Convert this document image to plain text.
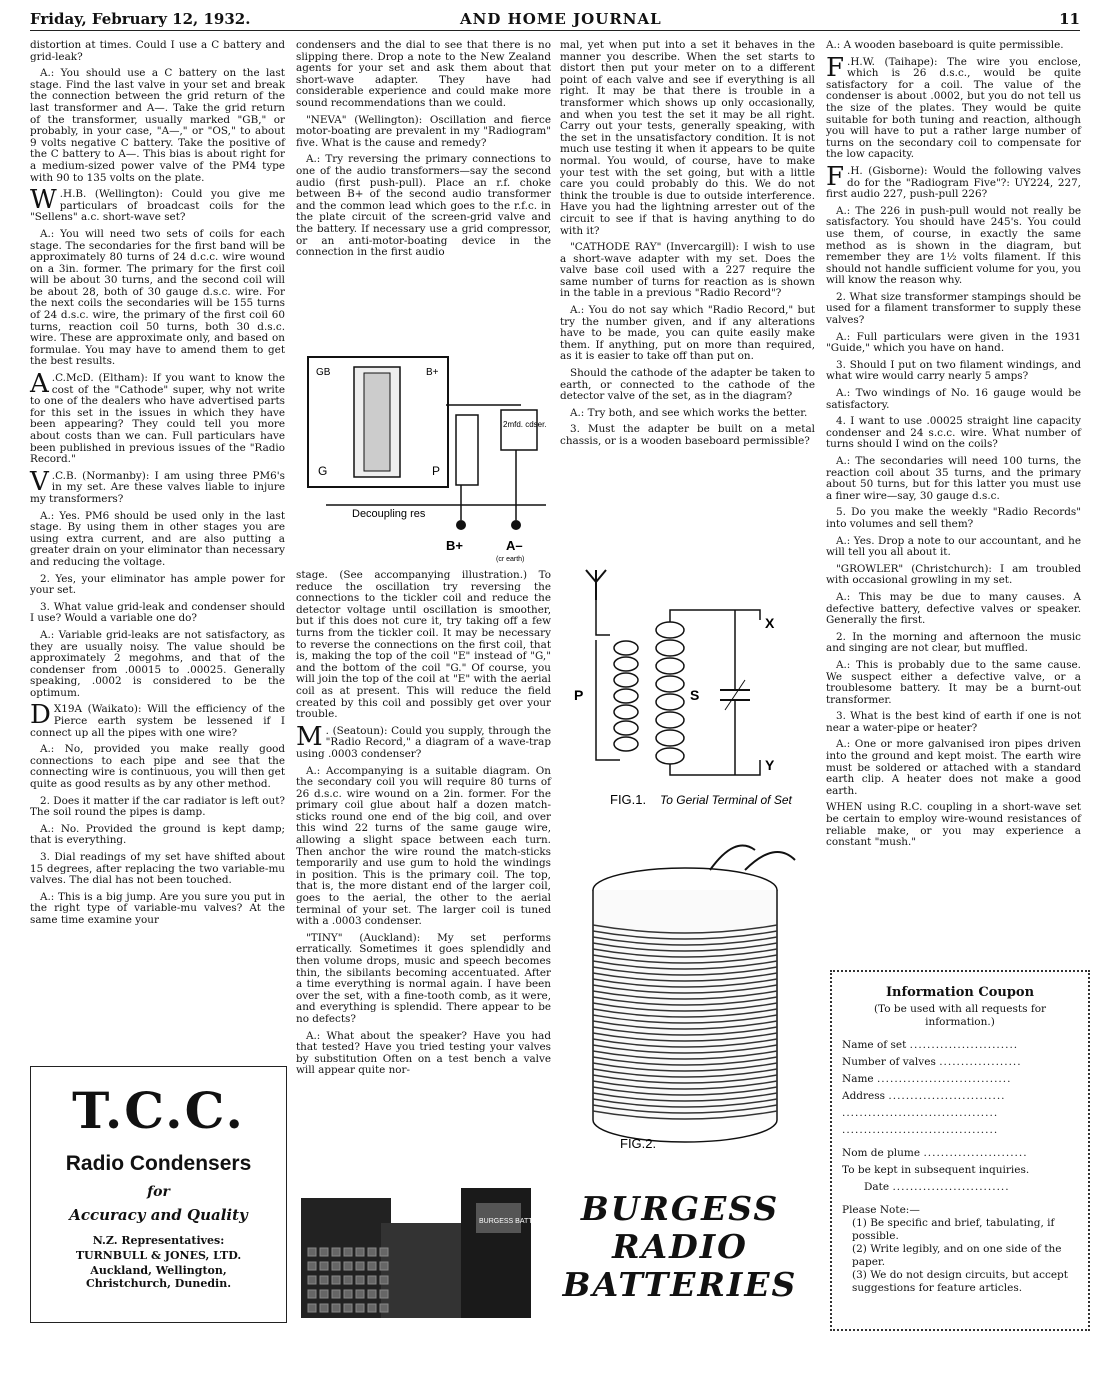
Friday, February 12, 1932.	AND HOME JOURNAL	11

distortion at times. Could I use a C battery and grid-leak?

A.: You should use a C battery on the last stage. Find the last valve in your set and break the connection between the grid return of the last transformer and A—. Take the grid return of the transformer, usually marked "GB," or probably, in your case, "A—," or "OS," to about 9 volts negative C battery. Take the positive of the C battery to A—. This bias is about right for a medium-sized power valve of the PM4 type with 90 to 135 volts on the plate.

W .H.B. (Wellington): Could you give me particulars of broadcast coils for the "Sellens" a.c. short-wave set?

A.: You will need two sets of coils for each stage. The secondaries for the first band will be approximately 80 turns of 24 d.c.c. wire wound on a 3in. former. The primary for the first coil will be about 30 turns, and the second coil will be about 28, both of 30 gauge d.s.c. wire. For the next coils the secondaries will be 155 turns of 24 d.s.c. wire, the primary of the first coil 60 turns, reaction coil 50 turns, both 30 d.s.c. wire. These are approximate only, and based on formulae. You may have to amend them to get the best results.

A .C.McD. (Eltham): If you want to know the cost of the "Cathode" super, why not write to one of the dealers who have advertised parts for this set in the issues in which they have been appearing? They could tell you more about costs than we can. Full particulars have been published in previous issues of the "Radio Record."

V .C.B. (Normanby): I am using three PM6's in my set. Are these valves liable to injure my transformers?

A.: Yes. PM6 should be used only in the last stage. By using them in other stages you are using extra current, and are also putting a greater drain on your eliminator than necessary and reducing the voltage.

2. Yes, your eliminator has ample power for your set.

3. What value grid-leak and condenser should I use? Would a variable one do?

A.: Variable grid-leaks are not satisfactory, as they are usually noisy. The value should be approximately 2 megohms, and that of the condenser from .00015 to .00025. Generally speaking, .0002 is considered to be the optimum.

D X19A (Waikato): Will the efficiency of the Pierce earth system be lessened if I connect up all the pipes with one wire?

A.: No, provided you make really good connections to each pipe and see that the connecting wire is continuous, you will then get quite as good results as by any other method.

2. Does it matter if the car radiator is left out? The soil round the pipes is damp.

A.: No. Provided the ground is kept damp; that is everything.

3. Dial readings of my set have shifted about 15 degrees, after replacing the two variable-mu valves. The dial has not been touched.

A.: This is a big jump. Are you sure you put in the right type of variable-mu valves? At the same time examine your

T.C.C.
Radio Condensers
for
Accuracy and Quality
N.Z. Representatives:
TURNBULL & JONES, LTD.
Auckland, Wellington, Christchurch, Dunedin.

condensers and the dial to see that there is no slipping there. Drop a note to the New Zealand agents for your set and ask them about that short-wave adapter. They have had considerable experience and could make more sound recommendations than we could.

"NEVA" (Wellington): Oscillation and fierce motor-boating are prevalent in my "Radiogram" five. What is the cause and remedy?

A.: Try reversing the primary connections to one of the audio transformers—say the second audio (first push-pull). Place an r.f. choke between B+ of the second audio transformer and the common lead which goes to the r.f.c. in the plate circuit of the screen-grid valve and the battery. If necessary use a grid compressor, or an anti-motor-boating device in the connection in the first audio

GB	B+
G	P
2mfd. cdser.
Decoupling res
B+	A–
(cr earth)

stage. (See accompanying illustration.) To reduce the oscillation try reversing the connections to the tickler coil and reduce the detector voltage until oscillation is smoother, but if this does not cure it, try taking off a few turns from the tickler coil. It may be necessary to reverse the connections on the first coil, that is, making the top of the coil "E" instead of "G," and the bottom of the coil "G." Of course, you will join the top of the coil at "E" with the aerial coil as at present. This will reduce the field created by this coil and possibly get over your trouble.

M . (Seatoun): Could you supply, through the "Radio Record," a diagram of a wave-trap using .0003 condenser?

A.: Accompanying is a suitable diagram. On the secondary coil you will require 80 turns of 26 d.s.c. wire wound on a 2in. former. For the primary coil glue about half a dozen match-sticks round one end of the big coil, and over this wind 22 turns of the same gauge wire, allowing a slight space between each turn. Then anchor the wire round the match-sticks temporarily and use gum to hold the windings in position. This is the primary coil. The top, that is, the more distant end of the larger coil, goes to the aerial, the other to the aerial terminal of your set. The larger coil is tuned with a .0003 condenser.

"TINY" (Auckland): My set performs erratically. Sometimes it goes splendidly and then volume drops, music and speech becomes thin, the sibilants becoming accentuated. After a time everything is normal again. I have been over the set, with a fine-tooth comb, as it were, and everything is splendid. There appear to be no defects?

A.: What about the speaker? Have you had that tested? Have you tried testing your valves by substitution Often on a test bench a valve will appear quite nor-

mal, yet when put into a set it behaves in the manner you describe. When the set starts to distort then put your meter on to a different point of each valve and see if everything is all right. It may be that there is trouble in a transformer which shows up only occasionally, and when you test the set it may be all right. Carry out your tests, generally speaking, with the set in the unsatisfactory condition. It is not much use testing it when it appears to be quite normal. You would, of course, have to make your test with the set going, but with a little care you could probably do this. We do not think the trouble is due to outside interference. Have you had the lightning arrester out of the circuit to see if that is having anything to do with it?

"CATHODE RAY" (Invercargill): I wish to use a short-wave adapter with my set. Does the valve base coil used with a 227 require the same number of turns for reaction as is shown in the table in a previous "Radio Record"?

A.: You do not say which "Radio Record," but try the number given, and if any alterations have to be made, you can quite easily make them. If anything, put on more than required, as it is easier to take off than put on.

Should the cathode of the adapter be taken to earth, or connected to the cathode of the detector valve of the set, as in the diagram?

A.: Try both, and see which works the better.

3. Must the adapter be built on a metal chassis, or is a wooden baseboard permissible?

X
Y
P	S
FIG.1. To Gerial Terminal of Set
FIG.2.
BURGESS BATTERY	BURGESS
RADIO
BATTERIES

A.: A wooden baseboard is quite permissible.

F .H.W. (Taihape): The wire you enclose, which is 26 d.s.c., would be quite satisfactory for a coil. The value of the condenser is about .0002, but you do not tell us the size of the plates. They would be quite suitable for both tuning and reaction, although you will have to put a rather large number of turns on the secondary coil to compensate for the low capacity.

F .H. (Gisborne): Would the following valves do for the "Radiogram Five"?: UY224, 227, first audio 227, push-pull 226?

A.: The 226 in push-pull would not really be satisfactory. You should have 245's. You could use them, of course, in exactly the same method as is shown in the diagram, but remember they are 1½ volts filament. If this should not handle sufficient volume for you, you will know the reason why.

2. What size transformer stampings should be used for a filament transformer to supply these valves?

A.: Full particulars were given in the 1931 "Guide," which you have on hand.

3. Should I put on two filament windings, and what wire would carry nearly 5 amps?

A.: Two windings of No. 16 gauge would be satisfactory.

4. I want to use .00025 straight line capacity condenser and 24 s.c.c. wire. What number of turns should I wind on the coils?

A.: The secondaries will need 100 turns, the reaction coil about 35 turns, and the primary about 50 turns, but for this latter you must use a finer wire—say, 30 gauge d.s.c.

5. Do you make the weekly "Radio Records" into volumes and sell them?

A.: Yes. Drop a note to our accountant, and he will tell you all about it.

"GROWLER" (Christchurch): I am troubled with occasional growling in my set.

A.: This may be due to many causes. A defective battery, defective valves or speaker. Generally the first.

2. In the morning and afternoon the music and singing are not clear, but muffled.

A.: This is probably due to the same cause. We suspect either a defective valve, or a troublesome battery. It may be a burnt-out transformer.

3. What is the best kind of earth if one is not near a water-pipe or heater?

A.: One or more galvanised iron pipes driven into the ground and kept moist. The earth wire must be soldered or attached with a standard earth clip. A heater does not make a good earth.

WHEN using R.C. coupling in a short-wave set be certain to employ wire-wound resistances of reliable make, or you may experience a constant "mush."

Information Coupon
(To be used with all requests for information.)
Name of set .........................
Number of valves ...................
Name ...............................
Address ...........................
....................................
....................................
Nom de plume ........................
To be kept in subsequent inquiries.
Date ...........................
Please Note:—
(1) Be specific and brief, tabulating, if possible.
(2) Write legibly, and on one side of the paper.
(3) We do not design circuits, but accept suggestions for feature articles.
